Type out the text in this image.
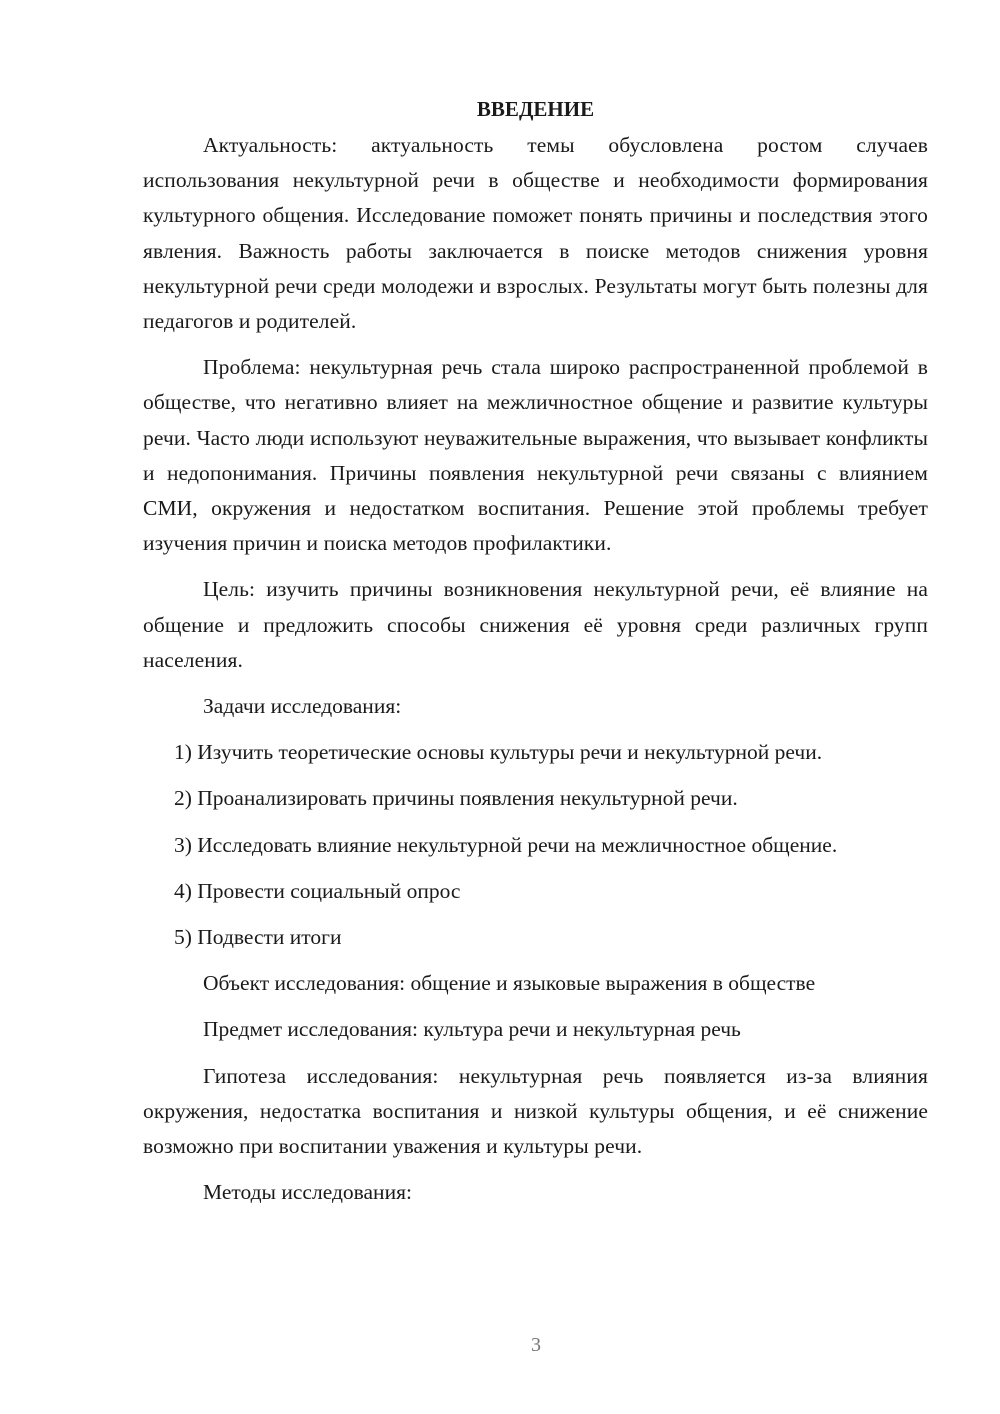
ВВЕДЕНИЕ

Актуальность: актуальность темы обусловлена ростом случаев использования некультурной речи в обществе и необходимости формирования культурного общения. Исследование поможет понять причины и последствия этого явления. Важность работы заключается в поиске методов снижения уровня некультурной речи среди молодежи и взрослых. Результаты могут быть полезны для педагогов и родителей.

Проблема: некультурная речь стала широко распространенной проблемой в обществе, что негативно влияет на межличностное общение и развитие культуры речи. Часто люди используют неуважительные выражения, что вызывает конфликты и недопонимания. Причины появления некультурной речи связаны с влиянием СМИ, окружения и недостатком воспитания. Решение этой проблемы требует изучения причин и поиска методов профилактики.

Цель: изучить причины возникновения некультурной речи, её влияние на общение и предложить способы снижения её уровня среди различных групп населения.

Задачи исследования:
1) Изучить теоретические основы культуры речи и некультурной речи.
2) Проанализировать причины появления некультурной речи.
3) Исследовать влияние некультурной речи на межличностное общение.
4) Провести социальный опрос
5) Подвести итоги
Объект исследования: общение и языковые выражения в обществе
Предмет исследования: культура речи и некультурная речь

Гипотеза исследования: некультурная речь появляется из-за влияния окружения, недостатка воспитания и низкой культуры общения, и её снижение возможно при воспитании уважения и культуры речи.

Методы исследования:
3
